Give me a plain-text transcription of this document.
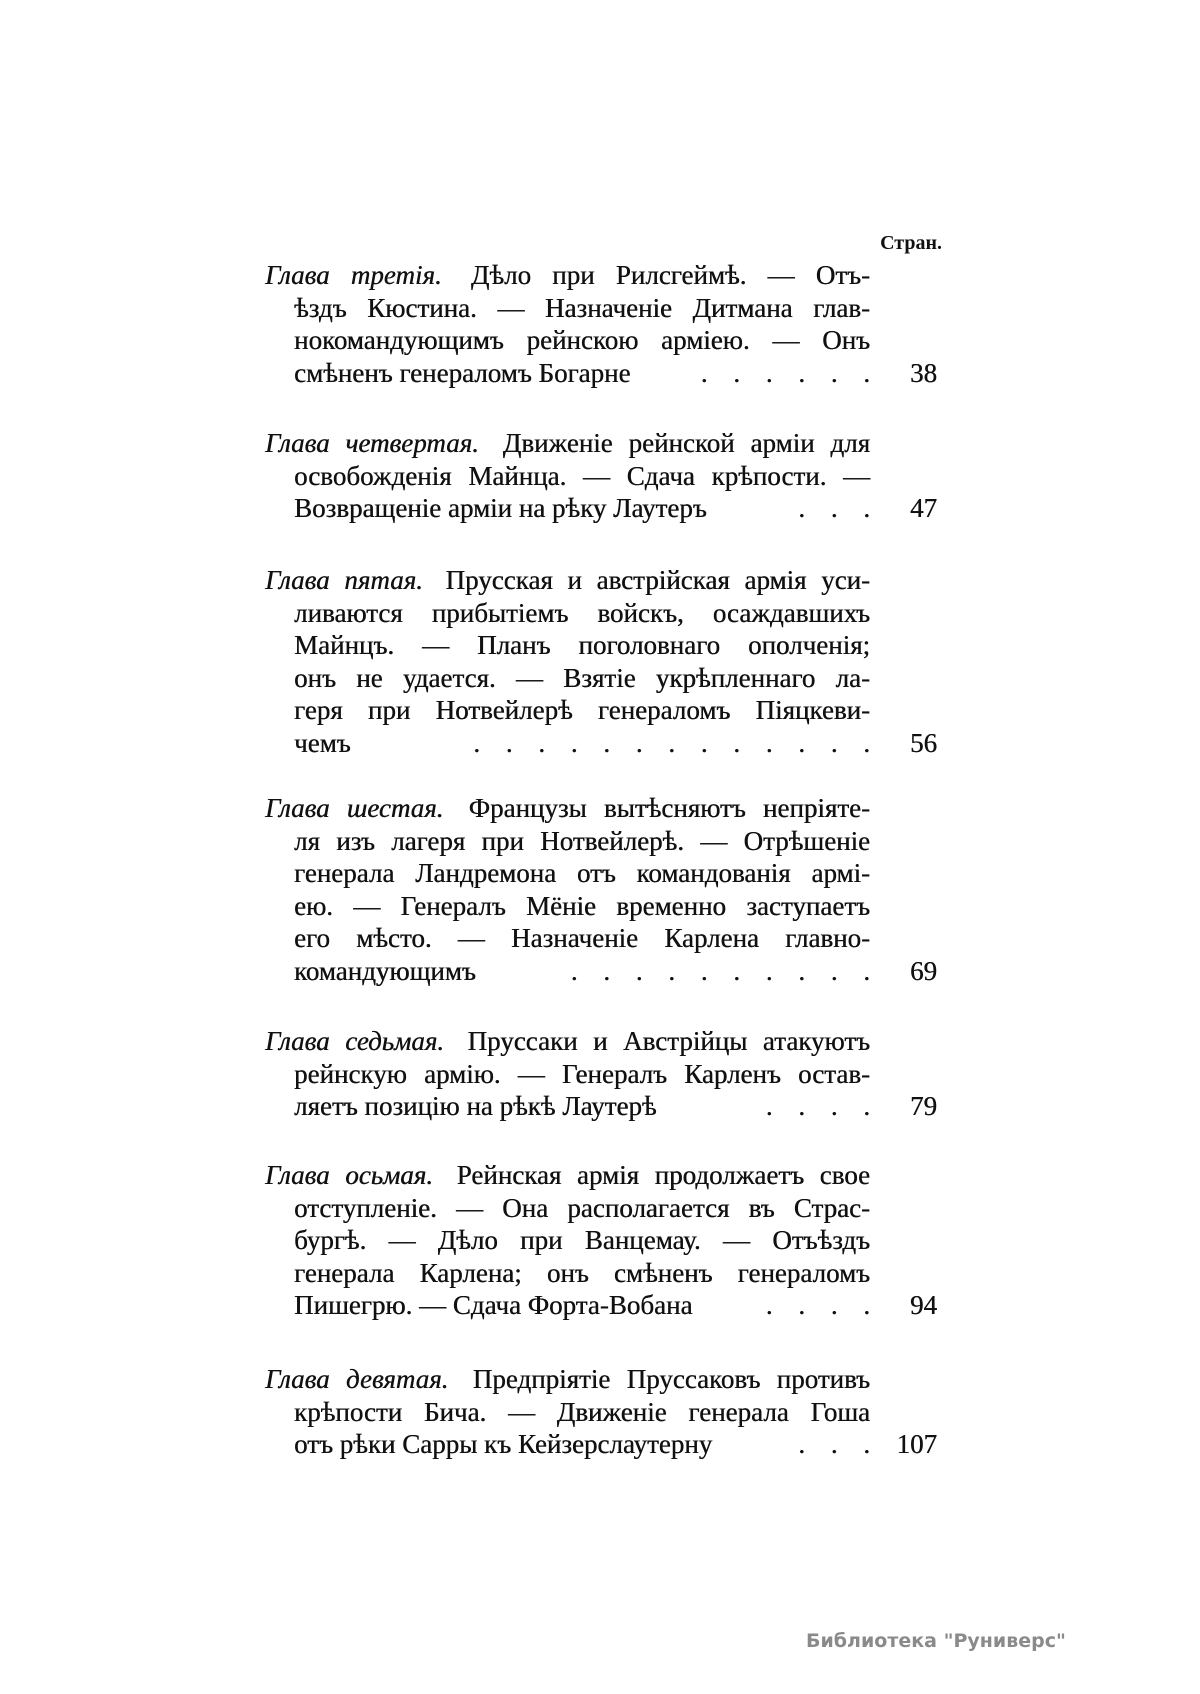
Стран.
Глава третія. Дѣло при Рилсгеймѣ. — Отъ-
ѣздъ Кюстина. — Назначеніе Дитмана глав-
нокомандующимъ рейнскою арміею. — Онъ
смѣненъ генераломъ Богарне	. . . . . . 38
Глава четвертая. Движеніе рейнской арміи для
освобожденія Майнца. — Сдача крѣпости. —
Возвращеніе арміи на рѣку Лаутеръ	. . . 47
Глава пятая. Прусская и австрійская армія уси-
ливаются прибытіемъ войскъ, осаждавшихъ
Майнцъ. — Планъ поголовнаго ополченія;
онъ не удается. — Взятіе укрѣпленнаго ла-
геря при Нотвейлерѣ генераломъ Піяцкеви-
чемъ	. . . . . . . . . . . . . 56
Глава шестая. Французы вытѣсняютъ непріяте-
ля изъ лагеря при Нотвейлерѣ. — Отрѣшеніе
генерала Ландремона отъ командованія армі-
ею. — Генералъ Мёніе временно заступаетъ
его мѣсто. — Назначеніе Карлена главно-
командующимъ	. . . . . . . . . . 69
Глава седьмая. Пруссаки и Австрійцы атакуютъ
рейнскую армію. — Генералъ Карленъ остав-
ляетъ позицію на рѣкѣ Лаутерѣ	. . . . 79
Глава осьмая. Рейнская армія продолжаетъ свое
отступленіе. — Она располагается въ Страс-
бургѣ. — Дѣло при Ванцемау. — Отъѣздъ
генерала Карлена; онъ смѣненъ генераломъ
Пишегрю. — Сдача Форта-Вобана	. . . . 94
Глава девятая. Предпріятіе Пруссаковъ противъ
крѣпости Бича. — Движеніе генерала Гоша
отъ рѣки Сарры къ Кейзерслаутерну	. . . 107
Библиотека "Руниверс"
